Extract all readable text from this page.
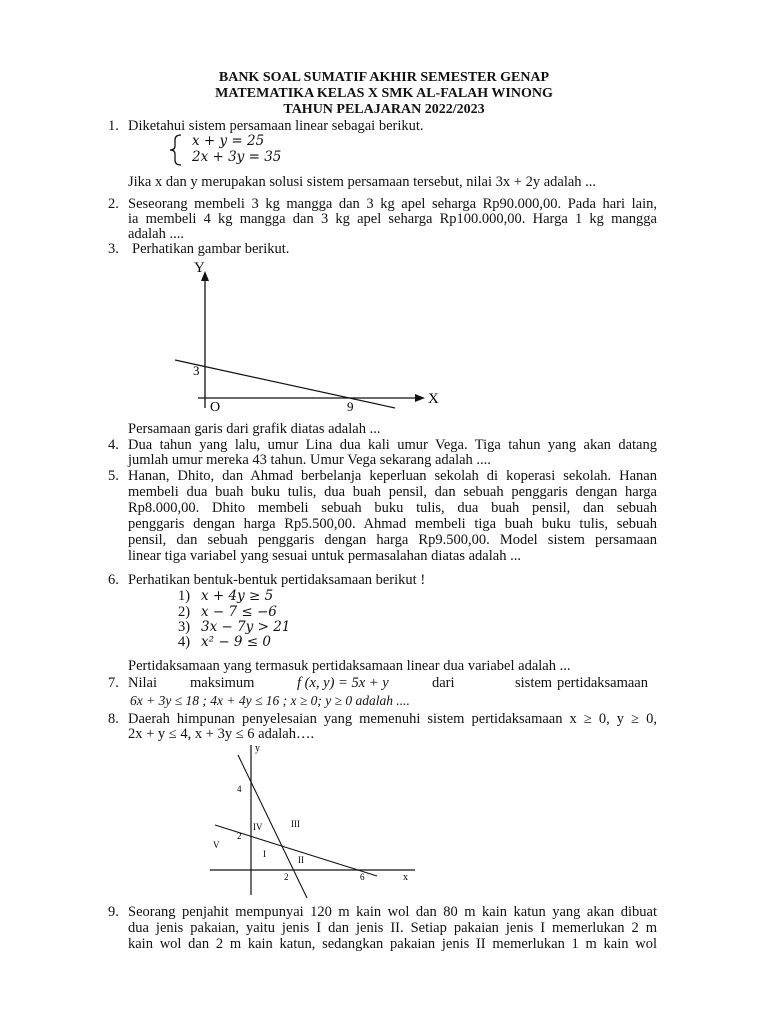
BANK SOAL SUMATIF AKHIR SEMESTER GENAP
MATEMATIKA KELAS X SMK AL-FALAH WINONG
TAHUN PELAJARAN 2022/2023
1. Diketahui sistem persamaan linear sebagai berikut.
x + y = 25
2x + 3y = 35
Jika x dan y merupakan solusi sistem persamaan tersebut, nilai 3x + 2y adalah ...
2. Seseorang membeli 3 kg mangga dan 3 kg apel seharga Rp90.000,00. Pada hari lain,
ia membeli 4 kg mangga dan 3 kg apel seharga Rp100.000,00. Harga 1 kg mangga
adalah ....
3. Perhatikan gambar berikut.
Y
X
O
3
9
Persamaan garis dari grafik diatas adalah ...
4. Dua tahun yang lalu, umur Lina dua kali umur Vega. Tiga tahun yang akan datang
jumlah umur mereka 43 tahun. Umur Vega sekarang adalah ....
5. Hanan, Dhito, dan Ahmad berbelanja keperluan sekolah di koperasi sekolah. Hanan
membeli dua buah buku tulis, dua buah pensil, dan sebuah penggaris dengan harga
Rp8.000,00. Dhito membeli sebuah buku tulis, dua buah pensil, dan sebuah
penggaris dengan harga Rp5.500,00. Ahmad membeli tiga buah buku tulis, sebuah
pensil, dan sebuah penggaris dengan harga Rp9.500,00. Model sistem persamaan
linear tiga variabel yang sesuai untuk permasalahan diatas adalah ...
6. Perhatikan bentuk-bentuk pertidaksamaan berikut !
1) x + 4y ≥ 5
2) x − 7 ≤ −6
3) 3x − 7y > 21
4) x² − 9 ≤ 0
Pertidaksamaan yang termasuk pertidaksamaan linear dua variabel adalah ...
7. Nilai maksimum	f (x, y) = 5x + y	dari	sistem pertidaksamaan
6x + 3y ≤ 18 ; 4x + 4y ≤ 16 ; x ≥ 0; y ≥ 0 adalah ....
8. Daerah himpunan penyelesaian yang memenuhi sistem pertidaksamaan x ≥ 0, y ≥ 0,
2x + y ≤ 4, x + 3y ≤ 6 adalah….
y
x
4
2
2	6
I
II
III
IV
V
9. Seorang penjahit mempunyai 120 m kain wol dan 80 m kain katun yang akan dibuat
dua jenis pakaian, yaitu jenis I dan jenis II. Setiap pakaian jenis I memerlukan 2 m
kain wol dan 2 m kain katun, sedangkan pakaian jenis II memerlukan 1 m kain wol
